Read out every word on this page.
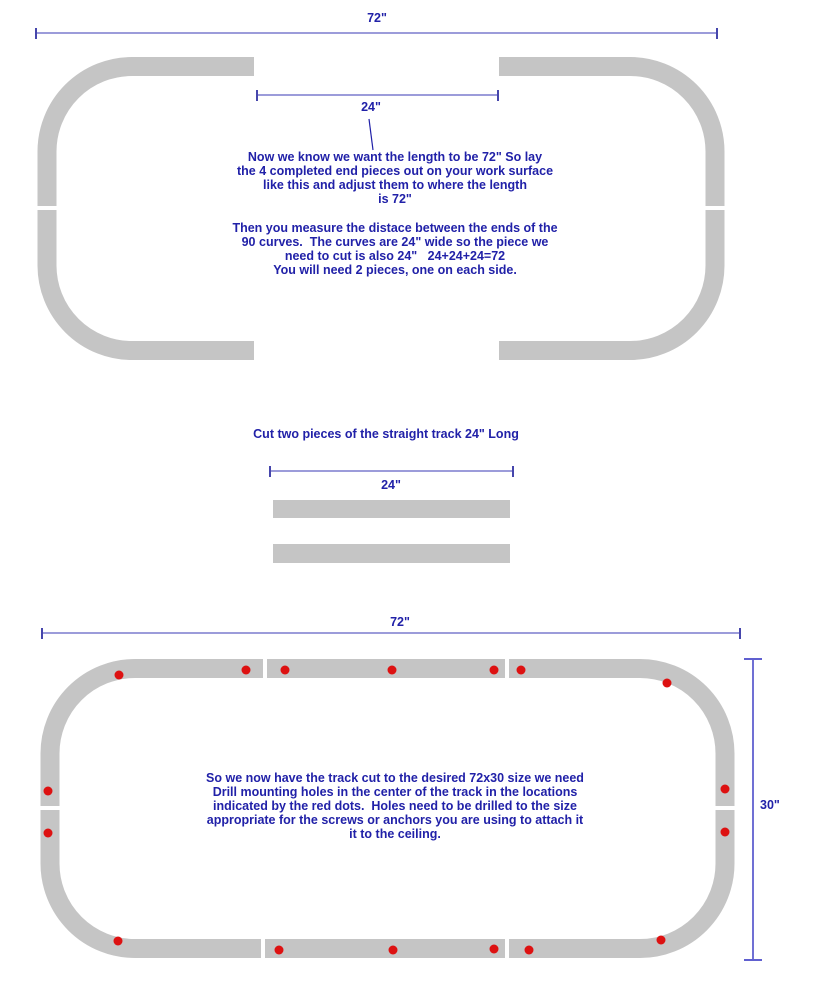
72"
24"
Now we know we want the length to be 72" So lay
the 4 completed end pieces out on your work surface
like this and adjust them to where the length
is 72"
Then you measure the distace between the ends of the
90 curves.  The curves are 24" wide so the piece we
need to cut is also 24"   24+24+24=72
You will need 2 pieces, one on each side.
Cut two pieces of the straight track 24" Long
24"
72"
So we now have the track cut to the desired 72x30 size we need
Drill mounting holes in the center of the track in the locations
indicated by the red dots.  Holes need to be drilled to the size
appropriate for the screws or anchors you are using to attach it
it to the ceiling.
30"
